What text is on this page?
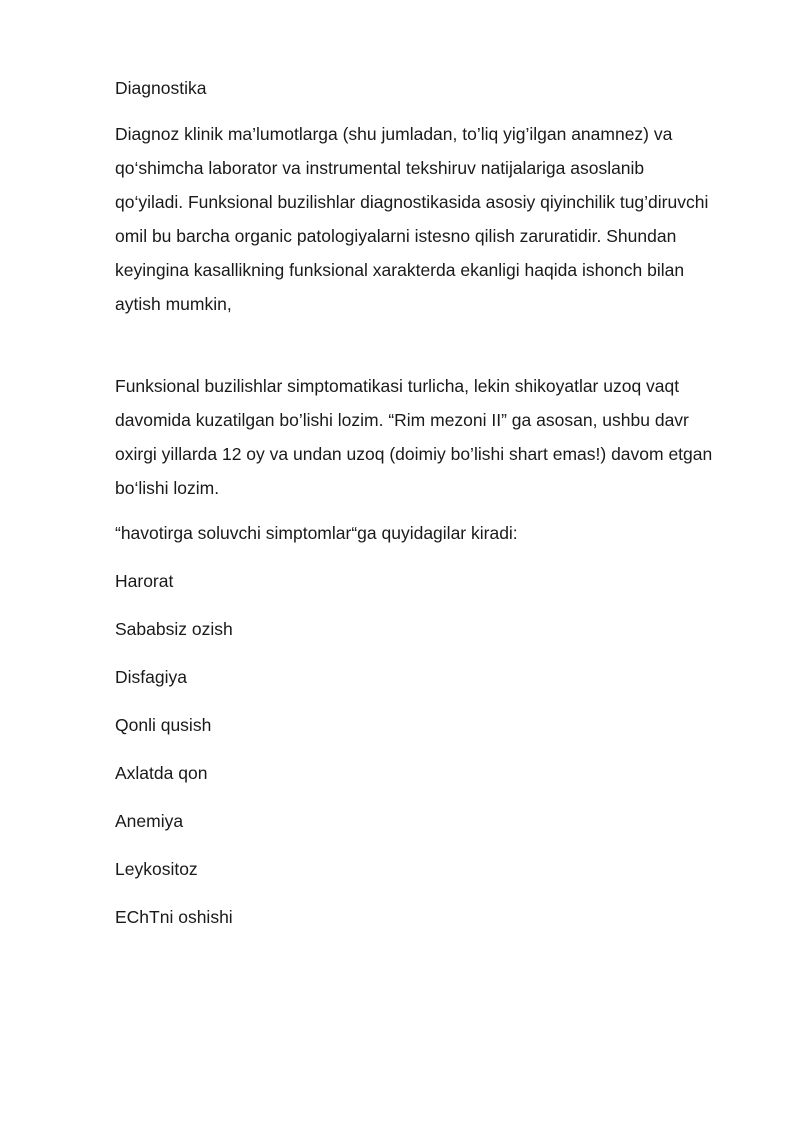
Diagnostika

Diagnoz klinik ma’lumotlarga (shu jumladan, to’liq yig’ilgan anamnez) va qo‘shimcha laborator va instrumental tekshiruv natijalariga asoslanib qo‘yiladi. Funksional buzilishlar diagnostikasida asosiy qiyinchilik tug’diruvchi omil bu barcha organic patologiyalarni istesno qilish zaruratidir. Shundan keyingina kasallikning funksional xarakterda ekanligi haqida ishonch bilan aytish mumkin,

Funksional buzilishlar simptomatikasi turlicha, lekin shikoyatlar uzoq vaqt davomida kuzatilgan bo’lishi lozim. “Rim mezoni II” ga asosan, ushbu davr oxirgi yillarda 12 oy va undan uzoq (doimiy bo’lishi shart emas!) davom etgan bo‘lishi lozim.

“havotirga soluvchi simptomlar“ga quyidagilar kiradi:

Harorat
Sababsiz ozish
Disfagiya
Qonli qusish
Axlatda qon
Anemiya
Leykositoz
EChTni oshishi
